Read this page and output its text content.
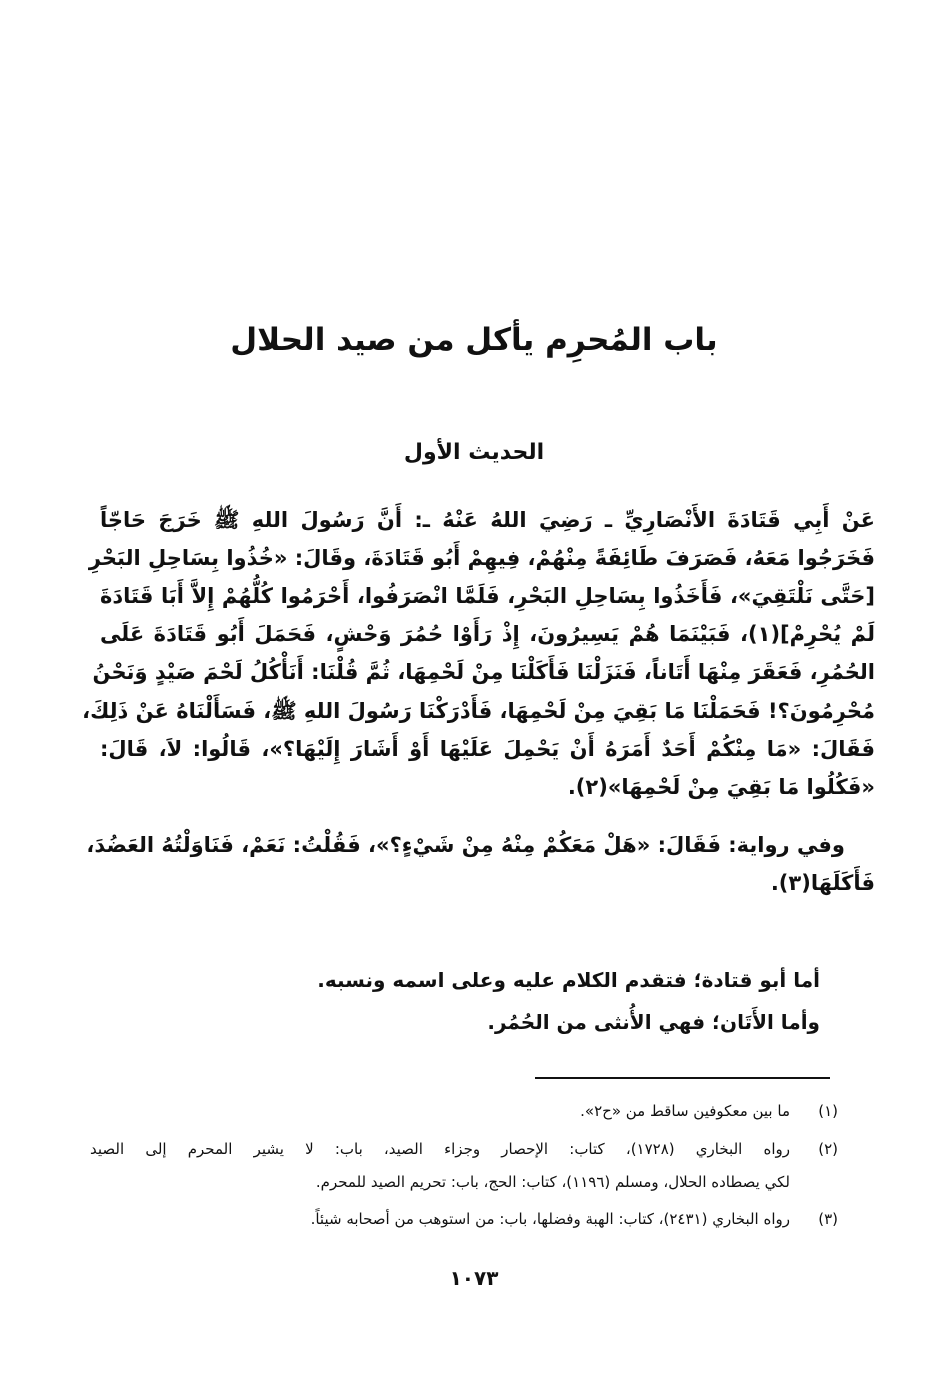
باب المُحرِم يأكل من صيد الحلال
الحديث الأول
عَنْ أَبِي قَتَادَةَ الأَنْصَارِيِّ ـ رَضِيَ اللهُ عَنْهُ ـ: أَنَّ رَسُولَ اللهِ ﷺ خَرَجَ حَاجّاً
فَخَرَجُوا مَعَهُ، فَصَرَفَ طَائِفَةً مِنْهُمْ، فِيهِمْ أَبُو قَتَادَةَ، وقَالَ: «خُذُوا بِسَاحِلِ البَحْرِ
[حَتَّى نَلْتَقِيَ»، فَأَخَذُوا بِسَاحِلِ البَحْرِ، فَلَمَّا انْصَرَفُوا، أَحْرَمُوا كُلُّهُمْ إِلاَّ أَبَا قَتَادَةَ
لَمْ يُحْرِمْ](١)، فَبَيْنَمَا هُمْ يَسِيرُونَ، إِذْ رَأَوْا حُمُرَ وَحْشٍ، فَحَمَلَ أَبُو قَتَادَةَ عَلَى
الحُمُرِ، فَعَقَرَ مِنْهَا أَتَاناً، فَنَزَلْنَا فَأَكَلْنَا مِنْ لَحْمِهَا، ثُمَّ قُلْنَا: أَنَأْكُلُ لَحْمَ صَيْدٍ وَنَحْنُ
مُحْرِمُونَ؟! فَحَمَلْنَا مَا بَقِيَ مِنْ لَحْمِهَا، فَأَدْرَكْنَا رَسُولَ اللهِ ﷺ، فَسَأَلْنَاهُ عَنْ ذَلِكَ،
فَقَالَ: «مَا مِنْكُمْ أَحَدٌ أَمَرَهُ أَنْ يَحْمِلَ عَلَيْهَا أَوْ أَشَارَ إِلَيْهَا؟»، قَالُوا: لاَ، قَالَ:
«فَكُلُوا مَا بَقِيَ مِنْ لَحْمِهَا»(٢).
وفي رواية: فَقَالَ: «هَلْ مَعَكُمْ مِنْهُ مِنْ شَيْءٍ؟»، فَقُلْتُ: نَعَمْ، فَنَاوَلْتُهُ العَضُدَ،
فَأَكَلَهَا(٣).
أما أبو قتادة؛ فتقدم الكلام عليه وعلى اسمه ونسبه.
وأما الأَتَان؛ فهي الأُنثى من الحُمُر.
(١)
ما بين معكوفين ساقط من «ح٢».
(٢)
رواه البخاري (١٧٢٨)، كتاب: الإحصار وجزاء الصيد، باب: لا يشير المحرم إلى الصيد
لكي يصطاده الحلال، ومسلم (١١٩٦)، كتاب: الحج، باب: تحريم الصيد للمحرم.
(٣)
رواه البخاري (٢٤٣١)، كتاب: الهبة وفضلها، باب: من استوهب من أصحابه شيئاً.
١٠٧٣
